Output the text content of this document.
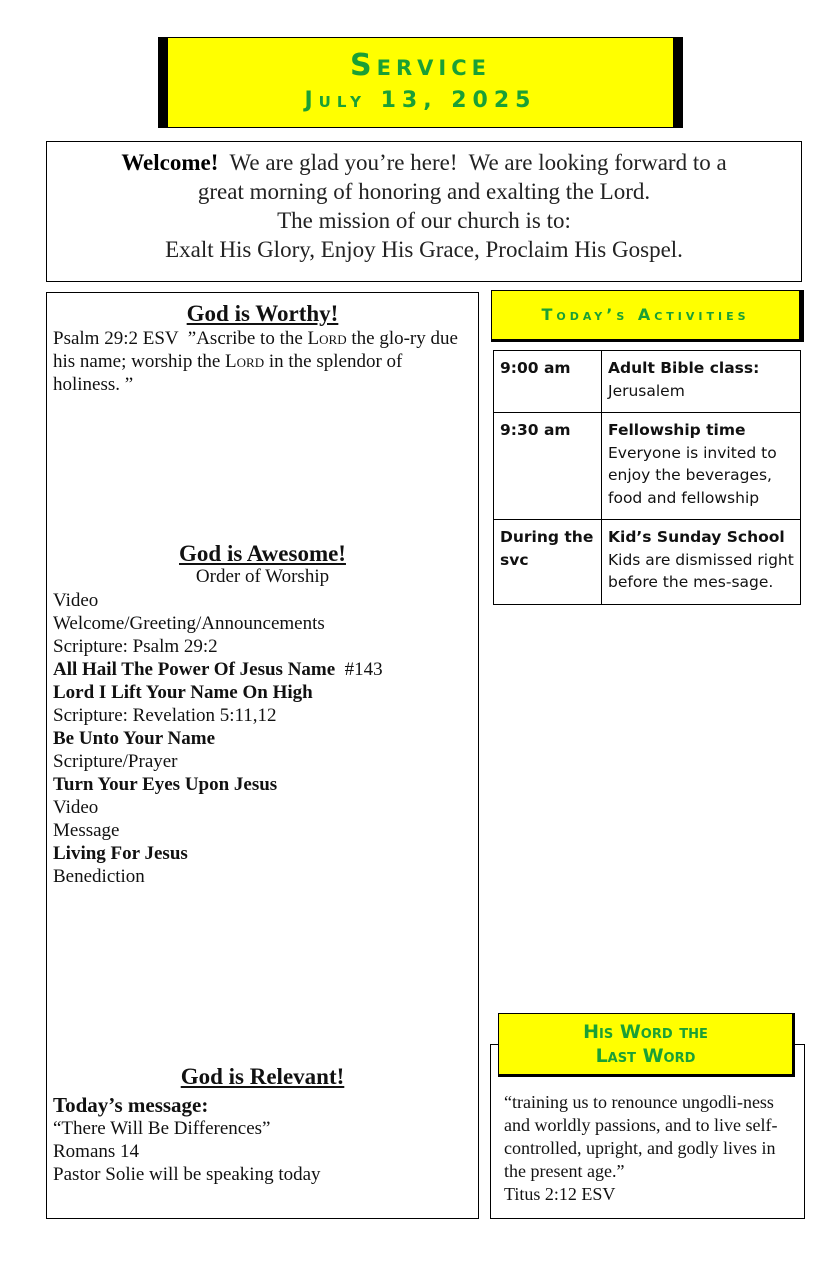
Service
July 13, 2025
Welcome!  We are glad you’re here!  We are looking forward to a
great morning of honoring and exalting the Lord.
The mission of our church is to:
Exalt His Glory, Enjoy His Grace, Proclaim His Gospel.
God is Worthy!
Psalm 29:2 ESV  ”Ascribe to the Lord the glo-ry due his name; worship the Lord in the splendor of holiness. ”
God is Awesome!
Order of Worship
Video
Welcome/Greeting/Announcements
Scripture: Psalm 29:2
All Hail The Power Of Jesus Name  #143
Lord I Lift Your Name On High
Scripture: Revelation 5:11,12
Be Unto Your Name
Scripture/Prayer
Turn Your Eyes Upon Jesus
Video
Message
Living For Jesus
Benediction
God is Relevant!
Today’s message:
“There Will Be Differences”
Romans 14
Pastor Solie will be speaking today
Today’s Activities
9:00 am	Adult Bible class:
Jerusalem
9:30 am	Fellowship time
Everyone is invited to enjoy the beverages, food and fellowship
During the svc	Kid’s Sunday School
Kids are dismissed right before the mes-sage.
His Word the
Last Word
“training us to renounce ungodli-ness and worldly passions, and to live self-controlled, upright, and godly lives in the present age.”
Titus 2:12 ESV
